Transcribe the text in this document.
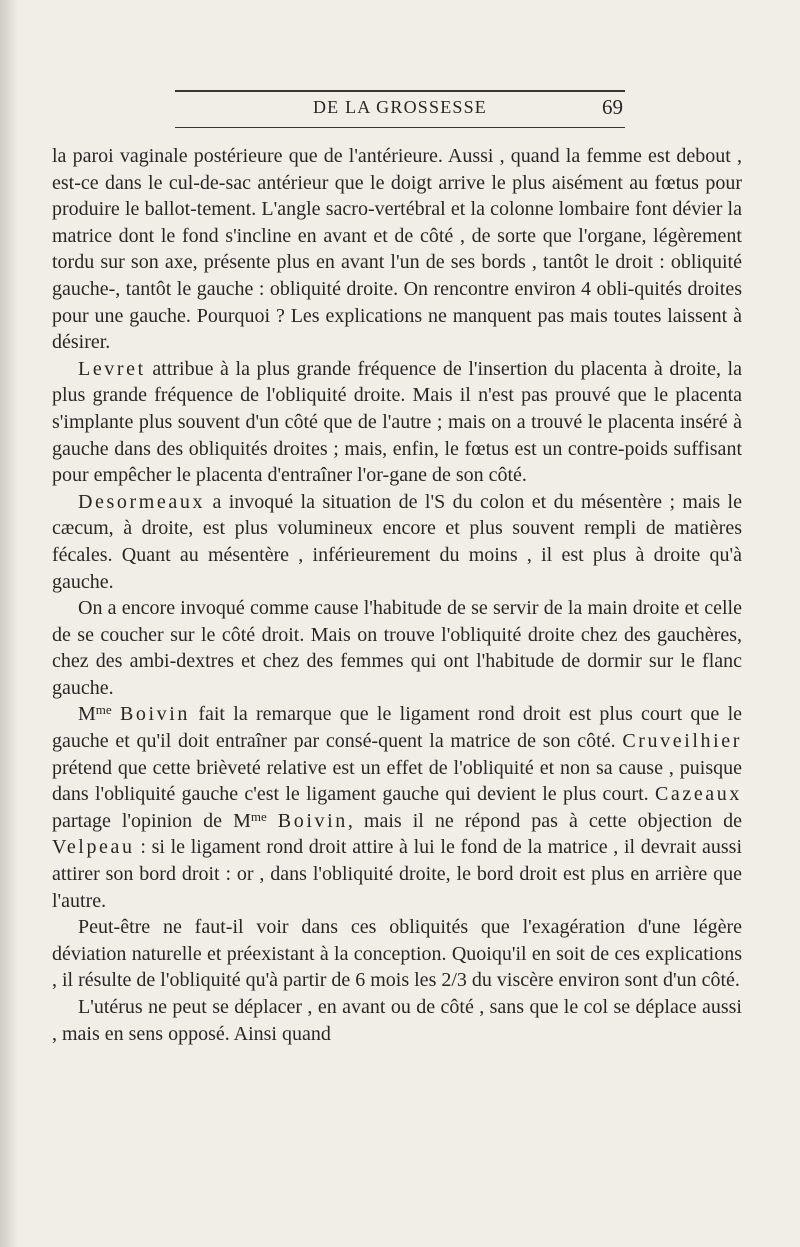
DE LA GROSSESSE	69

la paroi vaginale postérieure que de l'antérieure. Aussi , quand la femme est debout , est-ce dans le cul-de-sac antérieur que le doigt arrive le plus aisément au fœtus pour produire le ballot-tement. L'angle sacro-vertébral et la colonne lombaire font dévier la matrice dont le fond s'incline en avant et de côté , de sorte que l'organe, légèrement tordu sur son axe, présente plus en avant l'un de ses bords , tantôt le droit : obliquité gauche-, tantôt le gauche : obliquité droite. On rencontre environ 4 obli-quités droites pour une gauche. Pourquoi ? Les explications ne manquent pas mais toutes laissent à désirer.

Levret attribue à la plus grande fréquence de l'insertion du placenta à droite, la plus grande fréquence de l'obliquité droite. Mais il n'est pas prouvé que le placenta s'implante plus souvent d'un côté que de l'autre ; mais on a trouvé le placenta inséré à gauche dans des obliquités droites ; mais, enfin, le fœtus est un contre-poids suffisant pour empêcher le placenta d'entraîner l'or-gane de son côté.

Desormeaux a invoqué la situation de l'S du colon et du mésentère ; mais le cæcum, à droite, est plus volumineux encore et plus souvent rempli de matières fécales. Quant au mésentère , inférieurement du moins , il est plus à droite qu'à gauche.

On a encore invoqué comme cause l'habitude de se servir de la main droite et celle de se coucher sur le côté droit. Mais on trouve l'obliquité droite chez des gauchères, chez des ambi-dextres et chez des femmes qui ont l'habitude de dormir sur le flanc gauche.

$M^{me}$ Boivin fait la remarque que le ligament rond droit est plus court que le gauche et qu'il doit entraîner par consé-quent la matrice de son côté. Cruveilhier prétend que cette brièveté relative est un effet de l'obliquité et non sa cause , puisque dans l'obliquité gauche c'est le ligament gauche qui devient le plus court. Cazeaux partage l'opinion de $M^{me}$ Boivin, mais il ne répond pas à cette objection de Velpeau : si le ligament rond droit attire à lui le fond de la matrice , il devrait aussi attirer son bord droit : or , dans l'obliquité droite, le bord droit est plus en arrière que l'autre.

Peut-être ne faut-il voir dans ces obliquités que l'exagération d'une légère déviation naturelle et préexistant à la conception. Quoiqu'il en soit de ces explications , il résulte de l'obliquité qu'à partir de 6 mois les 2/3 du viscère environ sont d'un côté.

L'utérus ne peut se déplacer , en avant ou de côté , sans que le col se déplace aussi , mais en sens opposé. Ainsi quand
